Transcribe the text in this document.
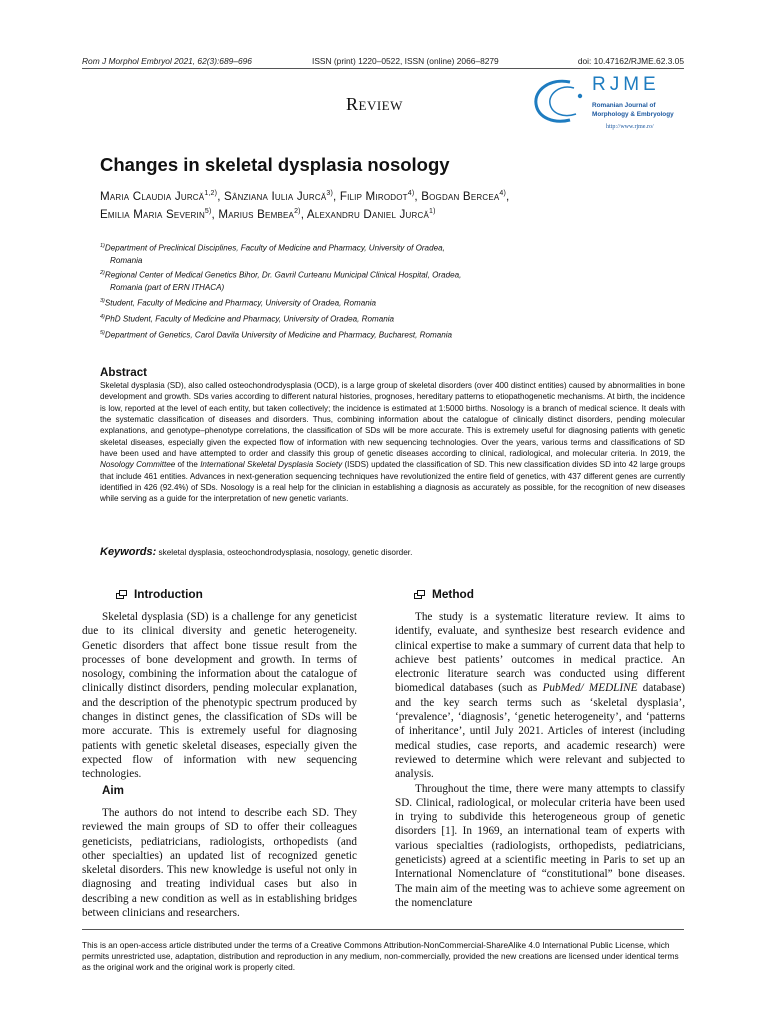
Rom J Morphol Embryol 2021, 62(3):689–696	ISSN (print) 1220–0522, ISSN (online) 2066–8279	doi: 10.47162/RJME.62.3.05
RJME
Romanian Journal of
Morphology & Embryology
http://www.rjme.ro/
Review
Changes in skeletal dysplasia nosology
Maria Claudia Jurcă$^{1,2)}$, Sânziana Iulia Jurcă$^{3)}$, Filip Mirodot$^{4)}$, Bogdan Bercea$^{4)}$,
Emilia Maria Severin$^{5)}$, Marius Bembea$^{2)}$, Alexandru Daniel Jurcă$^{1)}$
$^{1)}$Department of Preclinical Disciplines, Faculty of Medicine and Pharmacy, University of Oradea,
Romania
$^{2)}$Regional Center of Medical Genetics Bihor, Dr. Gavril Curteanu Municipal Clinical Hospital, Oradea,
Romania (part of ERN ITHACA)
$^{3)}$Student, Faculty of Medicine and Pharmacy, University of Oradea, Romania
$^{4)}$PhD Student, Faculty of Medicine and Pharmacy, University of Oradea, Romania
$^{5)}$Department of Genetics, Carol Davila University of Medicine and Pharmacy, Bucharest, Romania
Abstract
Skeletal dysplasia (SD), also called osteochondrodysplasia (OCD), is a large group of skeletal disorders (over 400 distinct entities) caused by abnormalities in bone development and growth. SDs varies according to different natural histories, prognoses, hereditary patterns to etiopathogenetic mechanisms. At birth, the incidence is low, reported at the level of each entity, but taken collectively; the incidence is estimated at 1:5000 births. Nosology is a branch of medical science. It deals with the systematic classification of diseases and disorders. Thus, combining information about the catalogue of clinically distinct disorders, pending molecular explanations, and genotype–phenotype correlations, the classification of SDs will be more accurate. This is extremely useful for diagnosing patients with genetic skeletal diseases, especially given the expected flow of information with new sequencing technologies. Over the years, various terms and classifications of SD have been used and have attempted to order and classify this group of genetic diseases according to clinical, radiological, and molecular criteria. In 2019, the Nosology Committee of the International Skeletal Dysplasia Society (ISDS) updated the classification of SD. This new classification divides SD into 42 large groups that include 461 entities. Advances in next-generation sequencing techniques have revolutionized the entire field of genetics, with 437 different genes are currently identified in 426 (92.4%) of SDs. Nosology is a real help for the clinician in establishing a diagnosis as accurately as possible, for the recognition of new diseases while serving as a guide for the interpretation of new genetic variants.
Keywords: skeletal dysplasia, osteochondrodysplasia, nosology, genetic disorder.
Introduction

Skeletal dysplasia (SD) is a challenge for any geneticist due to its clinical diversity and genetic heterogeneity. Genetic disorders that affect bone tissue result from the processes of bone development and growth. In terms of nosology, combining the information about the catalogue of clinically distinct disorders, pending molecular explanation, and the description of the phenotypic spectrum produced by changes in distinct genes, the classification of SDs will be more accurate. This is extremely useful for diagnosing patients with genetic skeletal diseases, especially given the expected flow of information with new sequencing technologies.

Aim

The authors do not intend to describe each SD. They reviewed the main groups of SD to offer their colleagues geneticists, pediatricians, radiologists, orthopedists (and other specialties) an updated list of recognized genetic skeletal disorders. This new knowledge is useful not only in diagnosing and treating individual cases but also in describing a new condition as well as in establishing bridges between clinicians and researchers.

Method

The study is a systematic literature review. It aims to identify, evaluate, and synthesize best research evidence and clinical expertise to make a summary of current data that help to achieve best patients’ outcomes in medical practice. An electronic literature search was conducted using different biomedical databases (such as PubMed/ MEDLINE database) and the key search terms such as ‘skeletal dysplasia’, ‘prevalence’, ‘diagnosis’, ‘genetic heterogeneity’, and ‘patterns of inheritance’, until July 2021. Articles of interest (including medical studies, case reports, and academic research) were reviewed to determine which were relevant and subjected to analysis.

Throughout the time, there were many attempts to classify SD. Clinical, radiological, or molecular criteria have been used in trying to subdivide this heterogeneous group of genetic disorders [1]. In 1969, an international team of experts with various specialties (radiologists, orthopedists, pediatricians, geneticists) agreed at a scientific meeting in Paris to set up an International Nomenclature of “constitutional” bone diseases. The main aim of the meeting was to achieve some agreement on the nomenclature

This is an open-access article distributed under the terms of a Creative Commons Attribution-NonCommercial-ShareAlike 4.0 International Public License, which permits unrestricted use, adaptation, distribution and reproduction in any medium, non-commercially, provided the new creations are licensed under identical terms as the original work and the original work is properly cited.
